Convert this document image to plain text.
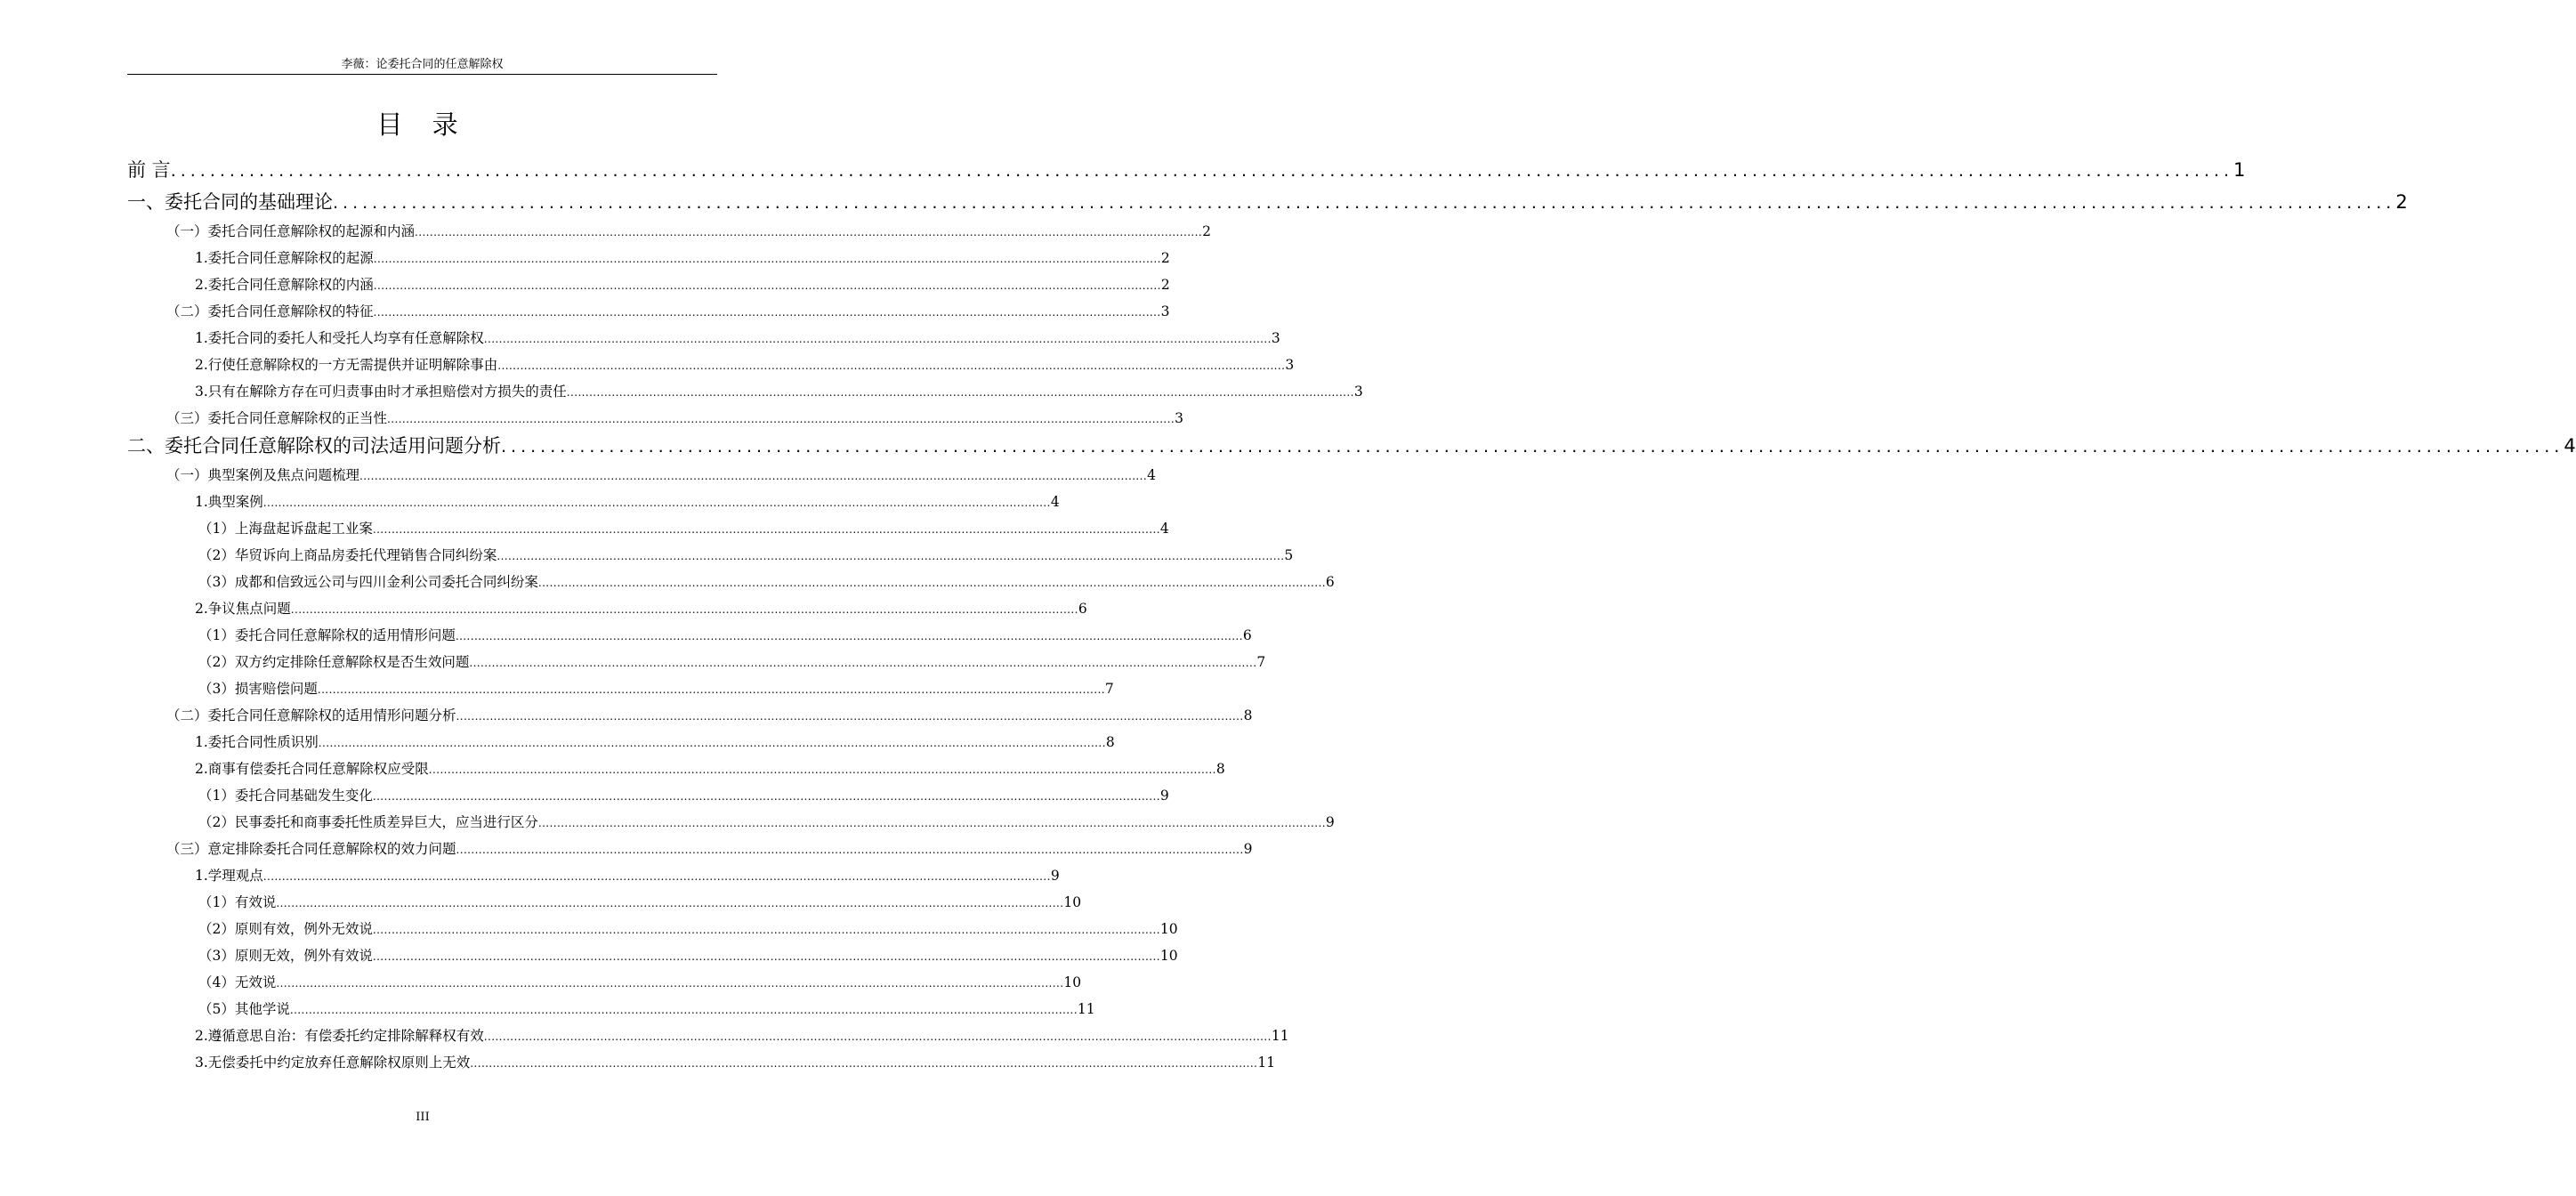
李薇：论委托合同的任意解除权
目 录
前 言 .................................................................................................................................................................................................................. 1
一、委托合同的基础理论 .................................................................................................................................................................................................................. 2
（一）委托合同任意解除权的起源和内涵 .................................................................................................................................................................................................................. 2
1.委托合同任意解除权的起源 .................................................................................................................................................................................................................. 2
2.委托合同任意解除权的内涵 .................................................................................................................................................................................................................. 2
（二）委托合同任意解除权的特征 .................................................................................................................................................................................................................. 3
1.委托合同的委托人和受托人均享有任意解除权 .................................................................................................................................................................................................................. 3
2.行使任意解除权的一方无需提供并证明解除事由 .................................................................................................................................................................................................................. 3
3.只有在解除方存在可归责事由时才承担赔偿对方损失的责任 .................................................................................................................................................................................................................. 3
（三）委托合同任意解除权的正当性 .................................................................................................................................................................................................................. 3
二、委托合同任意解除权的司法适用问题分析 .................................................................................................................................................................................................................. 4
（一）典型案例及焦点问题梳理 .................................................................................................................................................................................................................. 4
1.典型案例 .................................................................................................................................................................................................................. 4
（1）上海盘起诉盘起工业案 .................................................................................................................................................................................................................. 4
（2）华贸诉向上商品房委托代理销售合同纠纷案 .................................................................................................................................................................................................................. 5
（3）成都和信致远公司与四川金利公司委托合同纠纷案 .................................................................................................................................................................................................................. 6
2.争议焦点问题 .................................................................................................................................................................................................................. 6
（1）委托合同任意解除权的适用情形问题 .................................................................................................................................................................................................................. 6
（2）双方约定排除任意解除权是否生效问题 .................................................................................................................................................................................................................. 7
（3）损害赔偿问题 .................................................................................................................................................................................................................. 7
（二）委托合同任意解除权的适用情形问题分析 .................................................................................................................................................................................................................. 8
1.委托合同性质识别 .................................................................................................................................................................................................................. 8
2.商事有偿委托合同任意解除权应受限 .................................................................................................................................................................................................................. 8
（1）委托合同基础发生变化 .................................................................................................................................................................................................................. 9
（2）民事委托和商事委托性质差异巨大，应当进行区分 .................................................................................................................................................................................................................. 9
（三）意定排除委托合同任意解除权的效力问题 .................................................................................................................................................................................................................. 9
1.学理观点 .................................................................................................................................................................................................................. 9
（1）有效说 .................................................................................................................................................................................................................. 10
（2）原则有效，例外无效说 .................................................................................................................................................................................................................. 10
（3）原则无效，例外有效说 .................................................................................................................................................................................................................. 10
（4）无效说 .................................................................................................................................................................................................................. 10
（5）其他学说 .................................................................................................................................................................................................................. 11
2.遵循意思自治：有偿委托约定排除解释权有效 .................................................................................................................................................................................................................. 11
3.无偿委托中约定放弃任意解除权原则上无效 .................................................................................................................................................................................................................. 11
III
